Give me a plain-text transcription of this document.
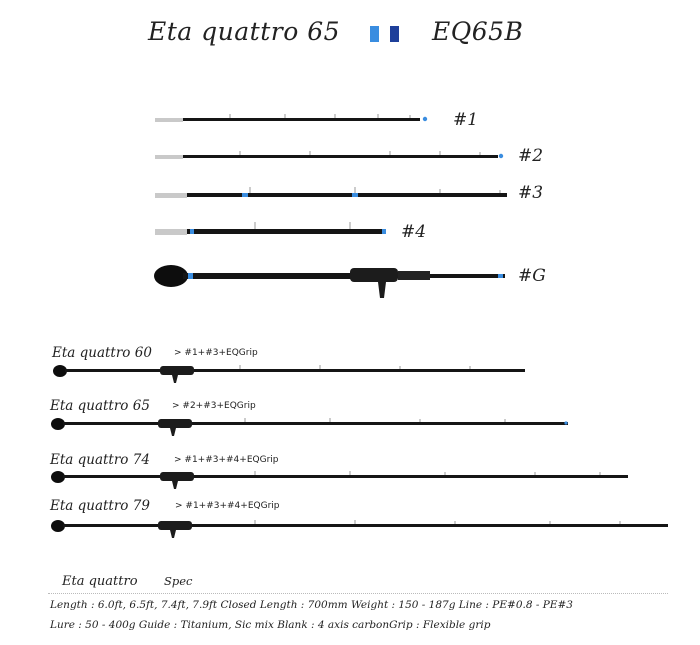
Eta quattro 65	EQ65B
#1
#2
#3
#4
#G
Eta quattro 60 > #1+#3+EQGrip
Eta quattro 65 > #2+#3+EQGrip
Eta quattro 74	> #1+#3+#4+EQGrip
Eta quattro 79	> #1+#3+#4+EQGrip
Eta quattro Spec
Length : 6.0ft, 6.5ft, 7.4ft, 7.9ft Closed Length : 700mm Weight : 150 - 187g Line : PE#0.8 - PE#3
Lure : 50 - 400g Guide : Titanium, Sic mix Blank : 4 axis carbonGrip : Flexible grip
